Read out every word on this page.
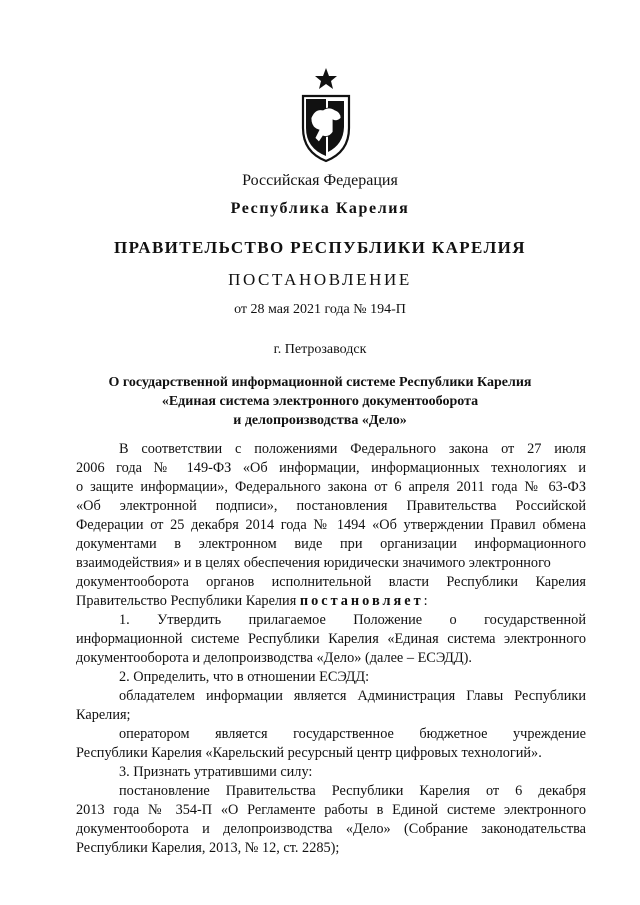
Российская Федерация
Республика Карелия
ПРАВИТЕЛЬСТВО РЕСПУБЛИКИ КАРЕЛИЯ
ПОСТАНОВЛЕНИЕ
от 28 мая 2021 года № 194-П
г. Петрозаводск
О государственной информационной системе Республики Карелия
«Единая система электронного документооборота
и делопроизводства «Дело»

В соответствии с положениями Федерального закона от 27 июля

2006 года № 149-ФЗ «Об информации, информационных технологиях и

о защите информации», Федерального закона от 6 апреля 2011 года № 63-ФЗ

«Об электронной подписи», постановления Правительства Российской

Федерации от 25 декабря 2014 года № 1494 «Об утверждении Правил обмена

документами в электронном виде при организации информационного

взаимодействия» и в целях обеспечения юридически значимого электронного

документооборота органов исполнительной власти Республики Карелия

Правительство Республики Карелия постановляет:

1. Утвердить прилагаемое Положение о государственной

информационной системе Республики Карелия «Единая система электронного

документооборота и делопроизводства «Дело» (далее – ЕСЭДД).

2. Определить, что в отношении ЕСЭДД:

обладателем информации является Администрация Главы Республики

Карелия;

оператором является государственное бюджетное учреждение

Республики Карелия «Карельский ресурсный центр цифровых технологий».

3. Признать утратившими силу:

постановление Правительства Республики Карелия от 6 декабря

2013 года № 354-П «О Регламенте работы в Единой системе электронного

документооборота и делопроизводства «Дело» (Собрание законодательства

Республики Карелия, 2013, № 12, ст. 2285);
